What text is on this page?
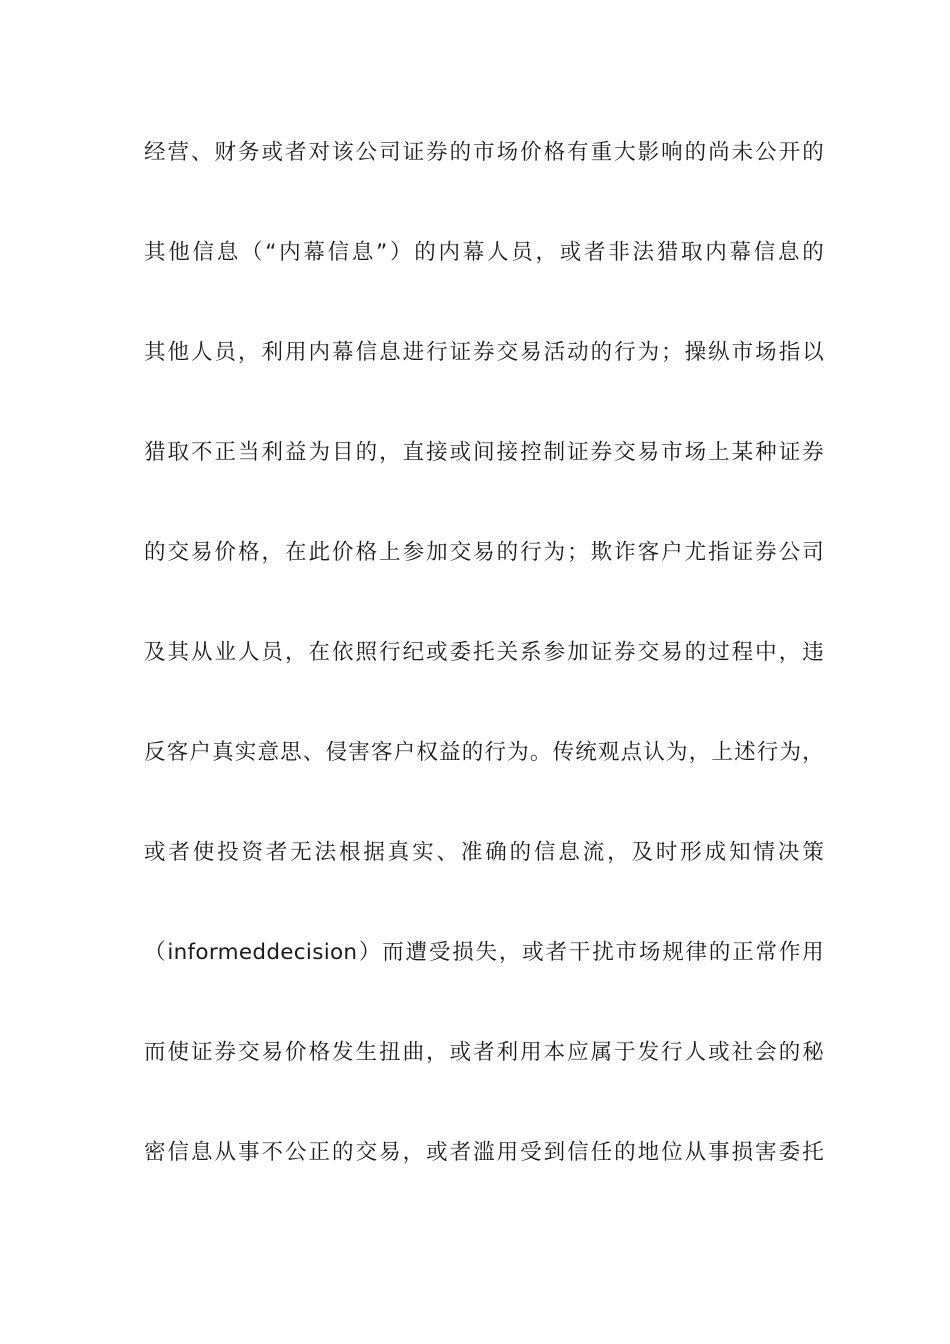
经营、财务或者对该公司证券的市场价格有重大影响的尚未公开的
其他信息（“内幕信息”）的内幕人员，或者非法猎取内幕信息的
其他人员，利用内幕信息进行证券交易活动的行为；操纵市场指以
猎取不正当利益为目的，直接或间接控制证券交易市场上某种证券
的交易价格，在此价格上参加交易的行为；欺诈客户尤指证券公司
及其从业人员，在依照行纪或委托关系参加证券交易的过程中，违
反客户真实意思、侵害客户权益的行为。传统观点认为，上述行为，
或者使投资者无法根据真实、准确的信息流，及时形成知情决策
（informeddecision）而遭受损失，或者干扰市场规律的正常作用
而使证券交易价格发生扭曲，或者利用本应属于发行人或社会的秘
密信息从事不公正的交易，或者滥用受到信任的地位从事损害委托
